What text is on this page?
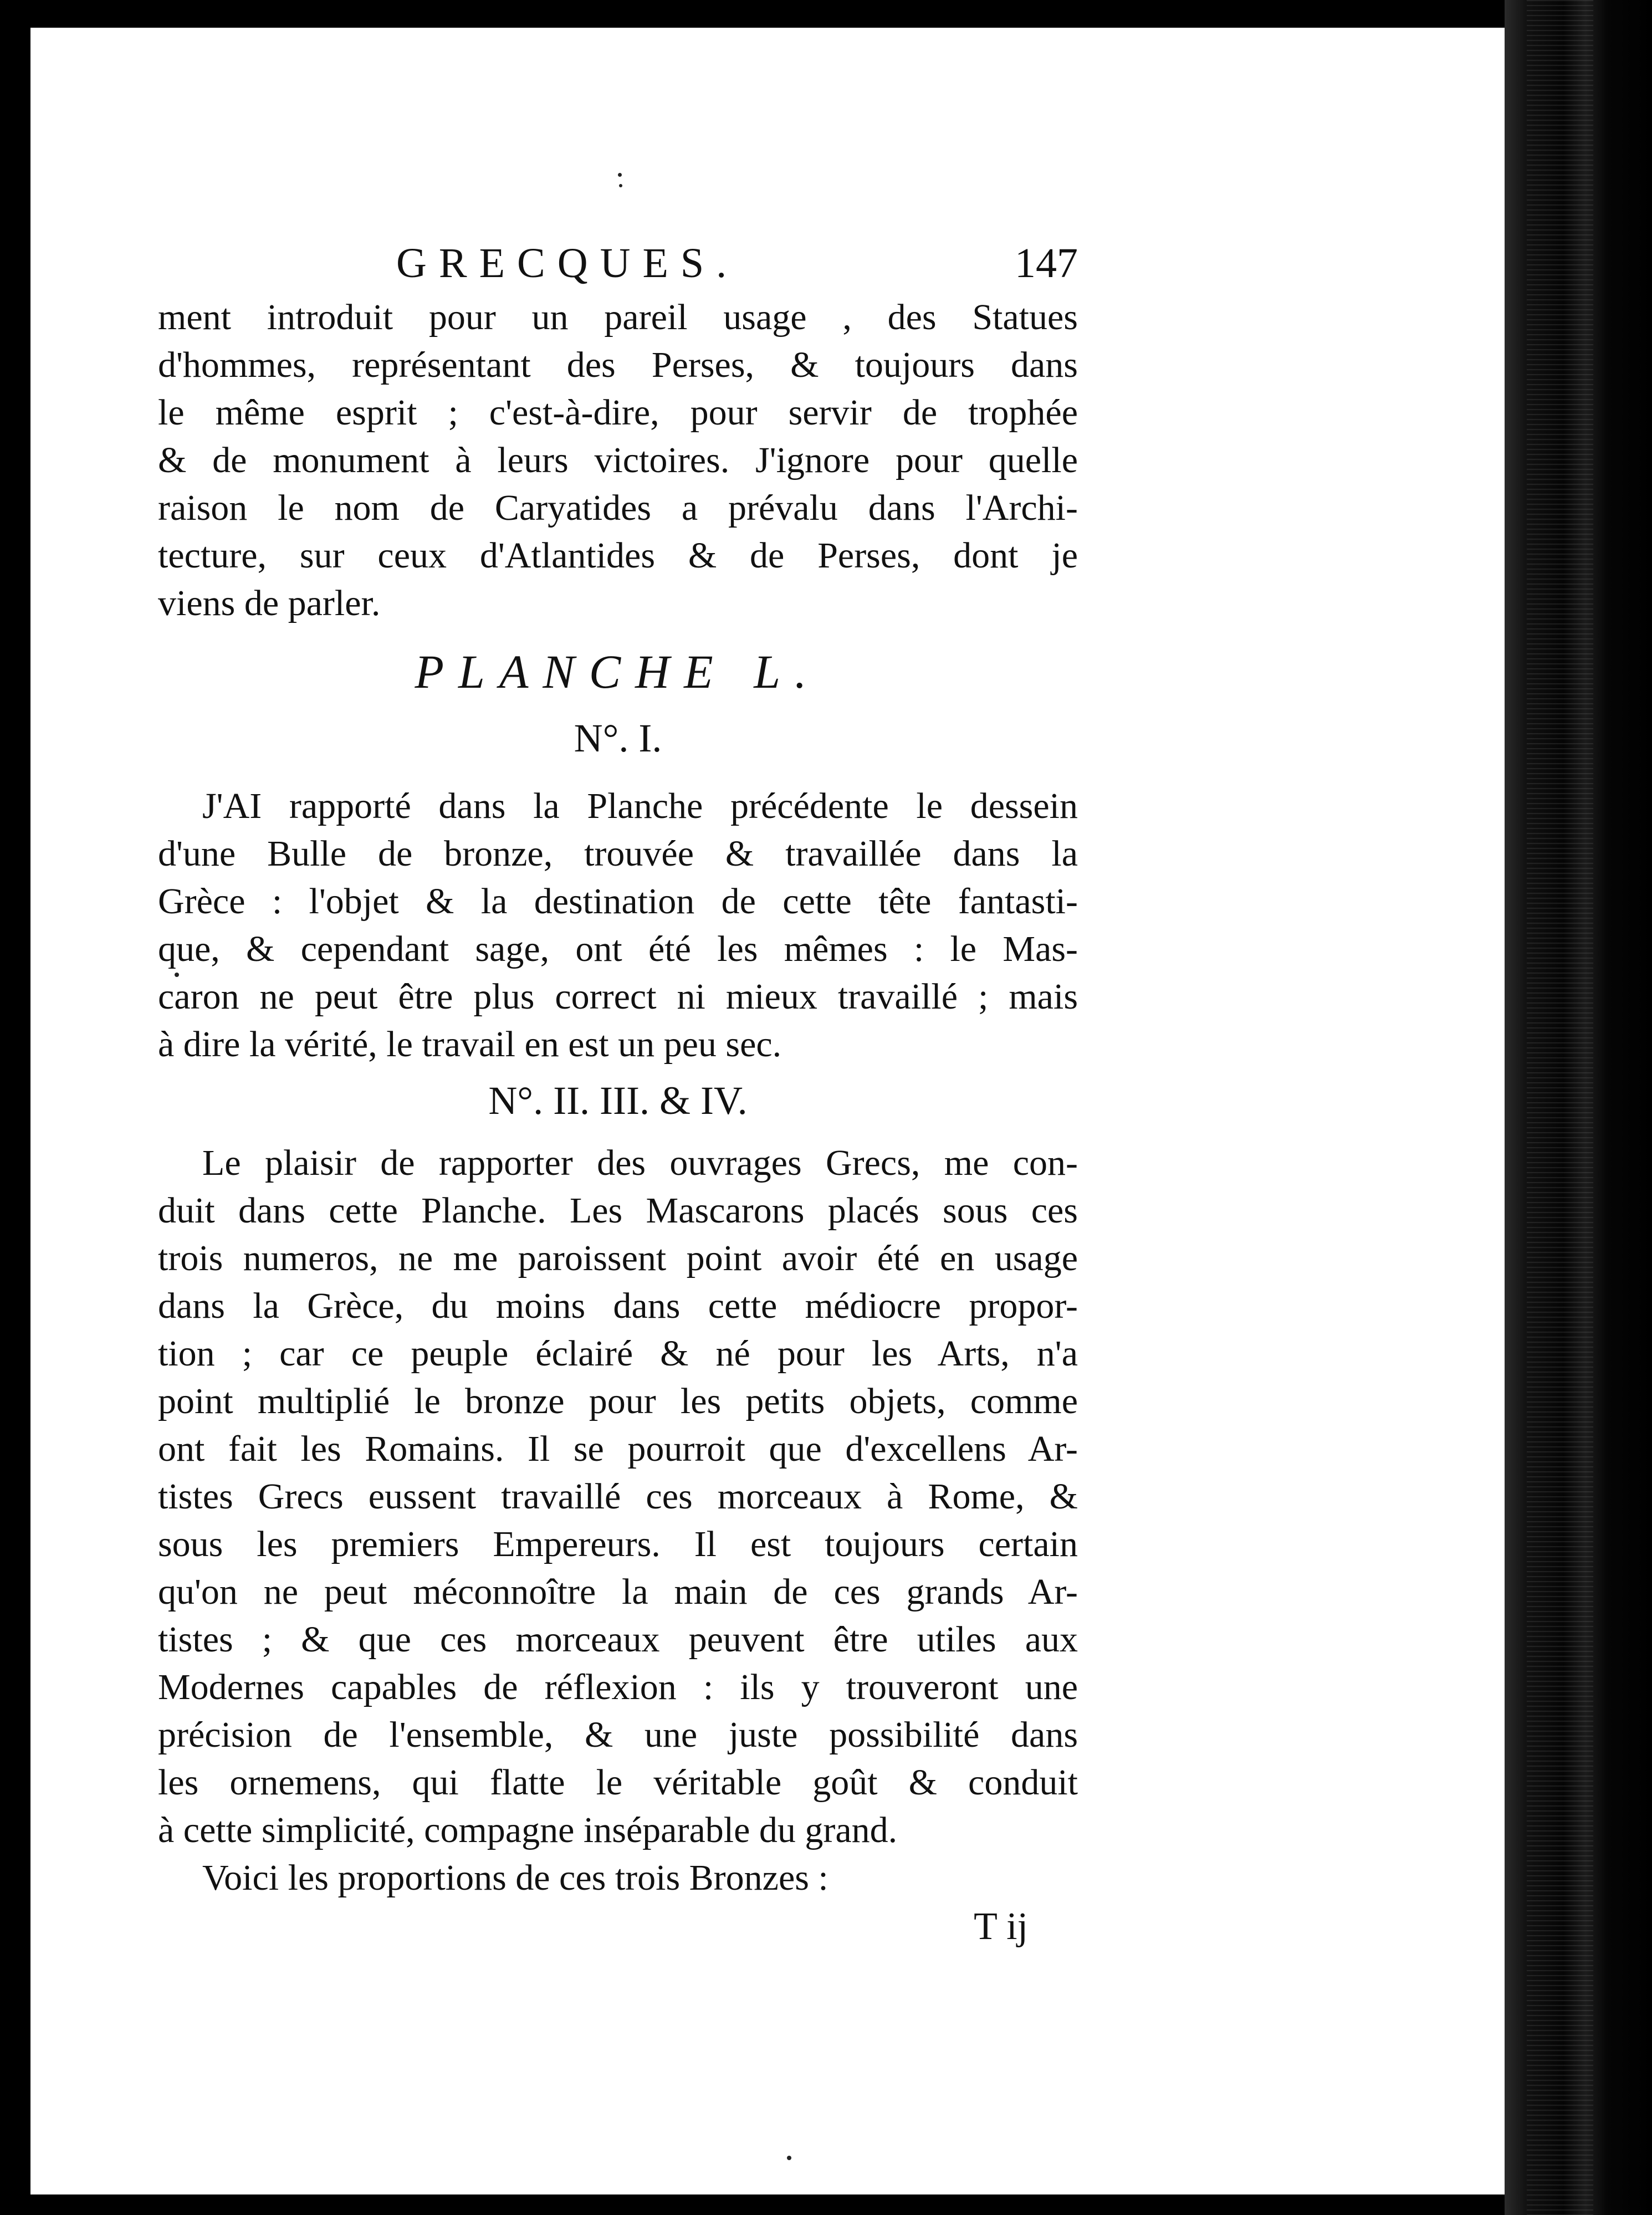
GRECQUES.	147
ment introduit pour un pareil usage , des Statues
d'hommes, représentant des Perses, & toujours dans
le même esprit ; c'est-à-dire, pour servir de trophée
& de monument à leurs victoires. J'ignore pour quelle
raison le nom de Caryatides a prévalu dans l'Archi-
tecture, sur ceux d'Atlantides & de Perses, dont je
viens de parler.
PLANCHE L.
N°. I.
J'AI rapporté dans la Planche précédente le dessein
d'une Bulle de bronze, trouvée & travaillée dans la
Grèce : l'objet & la destination de cette tête fantasti-
que, & cependant sage, ont été les mêmes : le Mas-
caron ne peut être plus correct ni mieux travaillé ; mais
à dire la vérité, le travail en est un peu sec.
N°. II. III. & IV.
Le plaisir de rapporter des ouvrages Grecs, me con-
duit dans cette Planche. Les Mascarons placés sous ces
trois numeros, ne me paroissent point avoir été en usage
dans la Grèce, du moins dans cette médiocre propor-
tion ; car ce peuple éclairé & né pour les Arts, n'a
point multiplié le bronze pour les petits objets, comme
ont fait les Romains. Il se pourroit que d'excellens Ar-
tistes Grecs eussent travaillé ces morceaux à Rome, &
sous les premiers Empereurs. Il est toujours certain
qu'on ne peut méconnoître la main de ces grands Ar-
tistes ; & que ces morceaux peuvent être utiles aux
Modernes capables de réflexion : ils y trouveront une
précision de l'ensemble, & une juste possibilité dans
les ornemens, qui flatte le véritable goût & conduit
à cette simplicité, compagne inséparable du grand.
Voici les proportions de ces trois Bronzes :
T ij
